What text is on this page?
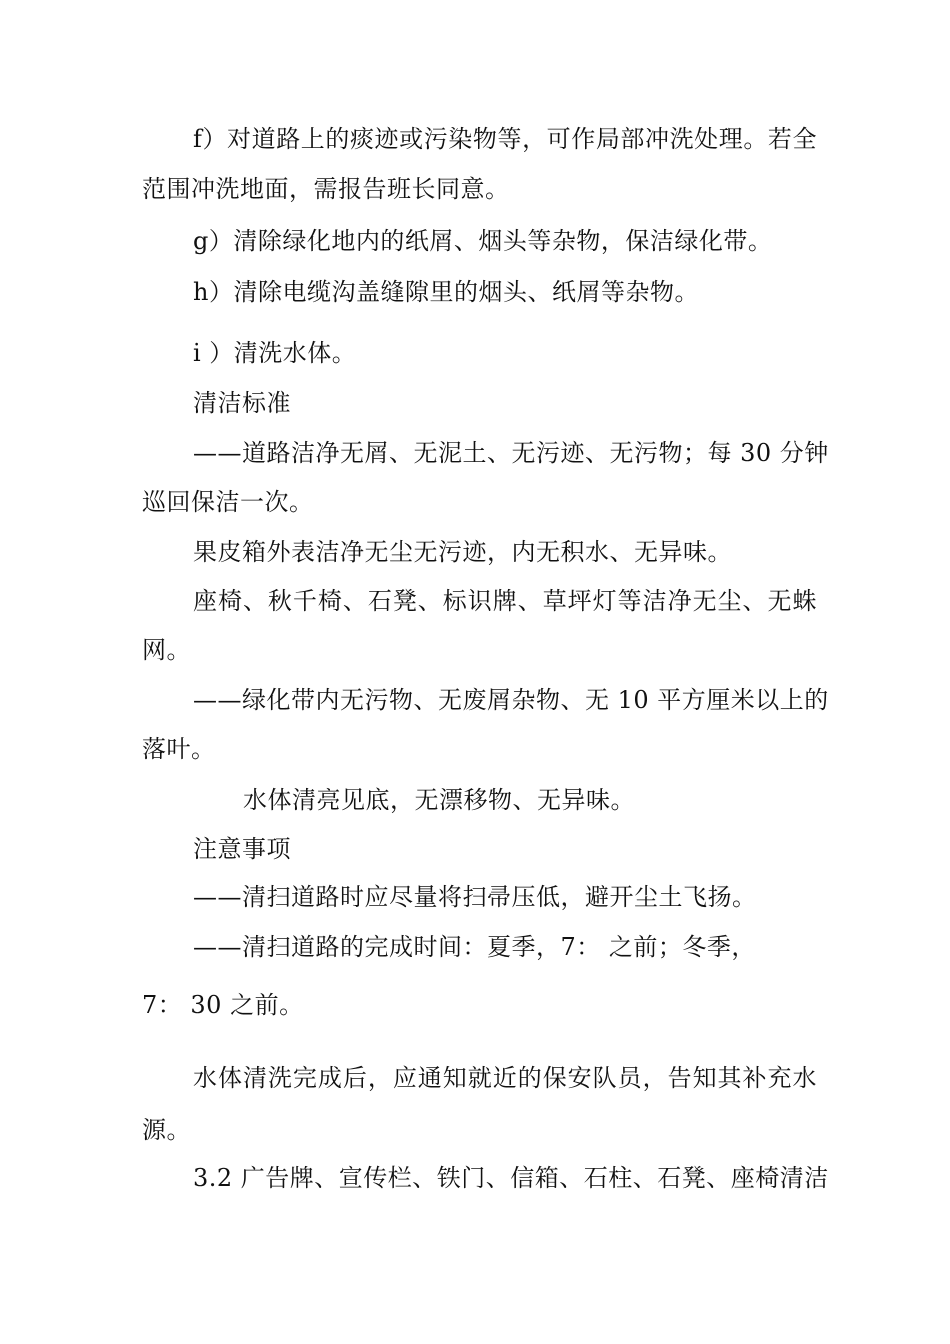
f）对道路上的痰迹或污染物等，可作局部冲洗处理。若全
范围冲洗地面，需报告班长同意。
g）清除绿化地内的纸屑、烟头等杂物，保洁绿化带。
h）清除电缆沟盖缝隙里的烟头、纸屑等杂物。
i ）清洗水体。
清洁标准
——道路洁净无屑、无泥土、无污迹、无污物；每 30 分钟
巡回保洁一次。
果皮箱外表洁净无尘无污迹，内无积水、无异味。
座椅、秋千椅、石凳、标识牌、草坪灯等洁净无尘、无蛛
网。
——绿化带内无污物、无废屑杂物、无 10 平方厘米以上的
落叶。
水体清亮见底，无漂移物、无异味。
注意事项
——清扫道路时应尽量将扫帚压低，避开尘土飞扬。
——清扫道路的完成时间：夏季，7： 之前；冬季，
7： 30 之前。
水体清洗完成后，应通知就近的保安队员，告知其补充水
源。
3.2 广告牌、宣传栏、铁门、信箱、石柱、石凳、座椅清洁
